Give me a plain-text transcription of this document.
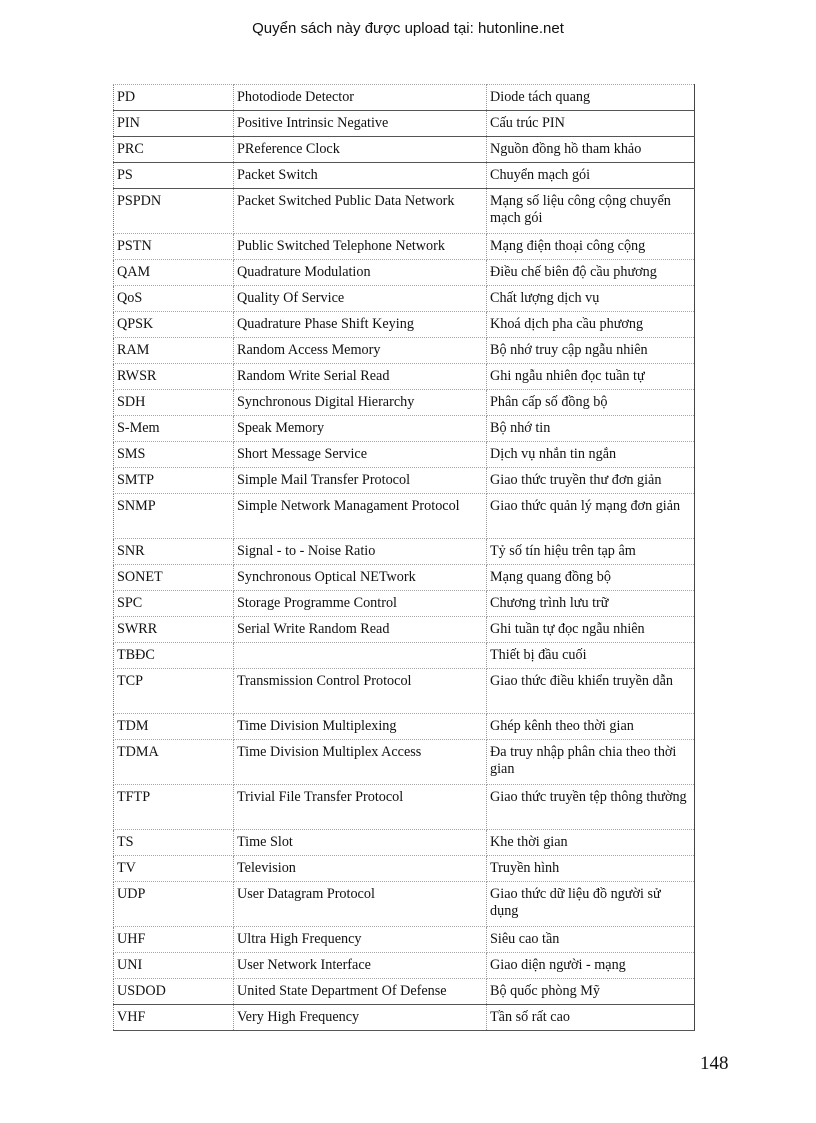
Quyển sách này được upload tại: hutonline.net
PD	Photodiode Detector	Diode tách quang
PIN	Positive Intrinsic Negative	Cấu trúc PIN
PRC	PReference Clock	Nguồn đồng hồ tham khảo
PS	Packet Switch	Chuyển mạch gói
PSPDN	Packet Switched Public Data Network	Mạng số liệu công cộng chuyển mạch gói
PSTN	Public Switched Telephone Network	Mạng điện thoại công cộng
QAM	Quadrature Modulation	Điều chế biên độ cầu phương
QoS	Quality Of Service	Chất lượng dịch vụ
QPSK	Quadrature Phase Shift Keying	Khoá dịch pha cầu phương
RAM	Random Access Memory	Bộ nhớ truy cập ngẫu nhiên
RWSR	Random Write Serial Read	Ghi ngẫu nhiên đọc tuần tự
SDH	Synchronous Digital Hierarchy	Phân cấp số đồng bộ
S-Mem	Speak Memory	Bộ nhớ tin
SMS	Short Message Service	Dịch vụ nhắn tin ngắn
SMTP	Simple Mail Transfer Protocol	Giao thức truyền thư đơn giản
SNMP	Simple Network Managament Protocol	Giao thức quản lý mạng đơn giản
SNR	Signal - to - Noise Ratio	Tỷ số tín hiệu trên tạp âm
SONET	Synchronous Optical NETwork	Mạng quang đồng bộ
SPC	Storage Programme Control	Chương trình lưu trữ
SWRR	Serial Write Random Read	Ghi tuần tự đọc ngẫu nhiên
TBĐC		Thiết bị đầu cuối
TCP	Transmission Control Protocol	Giao thức điều khiển truyền dẫn
TDM	Time Division Multiplexing	Ghép kênh theo thời gian
TDMA	Time Division Multiplex Access	Đa truy nhập phân chia theo thời gian
TFTP	Trivial File Transfer Protocol	Giao thức truyền tệp thông thường
TS	Time Slot	Khe thời gian
TV	Television	Truyền hình
UDP	User Datagram Protocol	Giao thức dữ liệu đồ người sử dụng
UHF	Ultra High Frequency	Siêu cao tần
UNI	User Network Interface	Giao diện người - mạng
USDOD	United State Department Of Defense	Bộ quốc phòng Mỹ
VHF	Very High Frequency	Tần số rất cao
148
